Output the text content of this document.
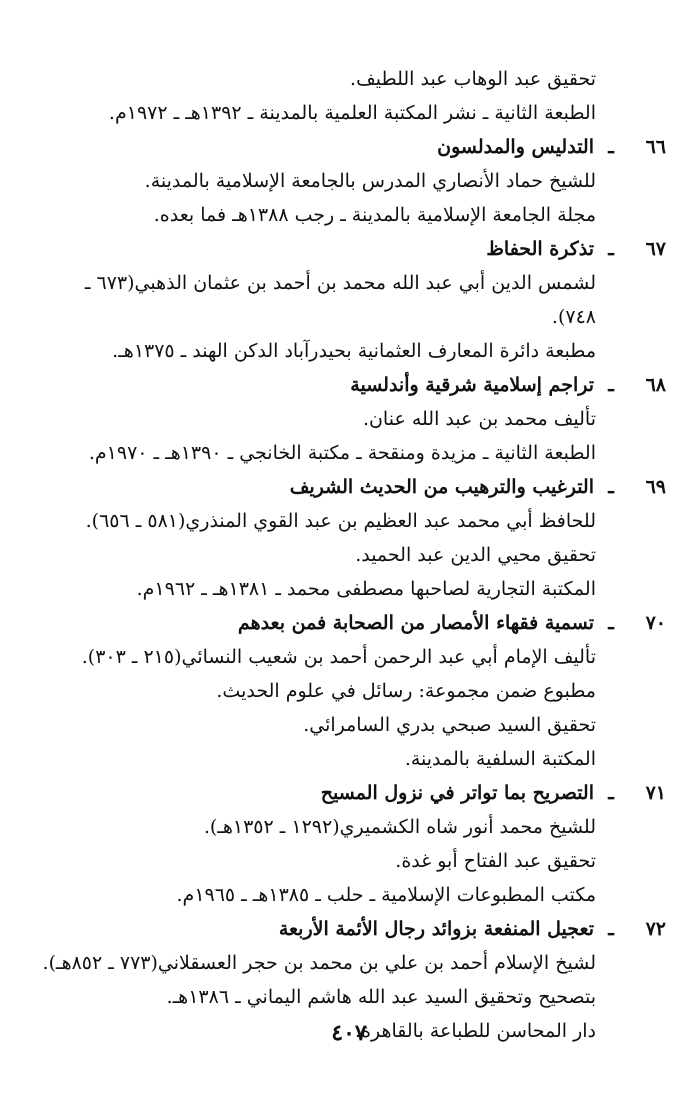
تحقيق عبد الوهاب عبد اللطيف.
الطبعة الثانية ـ نشر المكتبة العلمية بالمدينة ـ ١٣٩٢هـ ـ ١٩٧٢م.
٦٦
ـ
التدليس والمدلسون
للشيخ حماد الأنصاري المدرس بالجامعة الإسلامية بالمدينة.
مجلة الجامعة الإسلامية بالمدينة ـ رجب ١٣٨٨هـ فما بعده.
٦٧
ـ
تذكرة الحفاظ
لشمس الدين أبي عبد الله محمد بن أحمد بن عثمان الذهبي(٦٧٣ ـ
٧٤٨).
مطبعة دائرة المعارف العثمانية بحيدرآباد الدكن الهند ـ ١٣٧٥هـ.
٦٨
ـ
تراجم إسلامية شرقية وأندلسية
تأليف محمد بن عبد الله عنان.
الطبعة الثانية ـ مزيدة ومنقحة ـ مكتبة الخانجي ـ ١٣٩٠هـ ـ ١٩٧٠م.
٦٩
ـ
الترغيب والترهيب من الحديث الشريف
للحافظ أبي محمد عبد العظيم بن عبد القوي المنذري(٥٨١ ـ ٦٥٦).
تحقيق محيي الدين عبد الحميد.
المكتبة التجارية لصاحبها مصطفى محمد ـ ١٣٨١هـ ـ ١٩٦٢م.
٧٠
ـ
تسمية فقهاء الأمصار من الصحابة فمن بعدهم
تأليف الإمام أبي عبد الرحمن أحمد بن شعيب النسائي(٢١٥ ـ ٣٠٣).
مطبوع ضمن مجموعة: رسائل في علوم الحديث.
تحقيق السيد صبحي بدري السامرائي.
المكتبة السلفية بالمدينة.
٧١
ـ
التصريح بما تواتر في نزول المسيح
للشيخ محمد أنور شاه الكشميري(١٢٩٢ ـ ١٣٥٢هـ).
تحقيق عبد الفتاح أبو غدة.
مكتب المطبوعات الإسلامية ـ حلب ـ ١٣٨٥هـ ـ ١٩٦٥م.
٧٢
ـ
تعجيل المنفعة بزوائد رجال الأئمة الأربعة
لشيخ الإسلام أحمد بن علي بن محمد بن حجر العسقلاني(٧٧٣ ـ ٨٥٢هـ).
بتصحيح وتحقيق السيد عبد الله هاشم اليماني ـ ١٣٨٦هـ.
دار المحاسن للطباعة بالقاهرة.
٤٠٧
